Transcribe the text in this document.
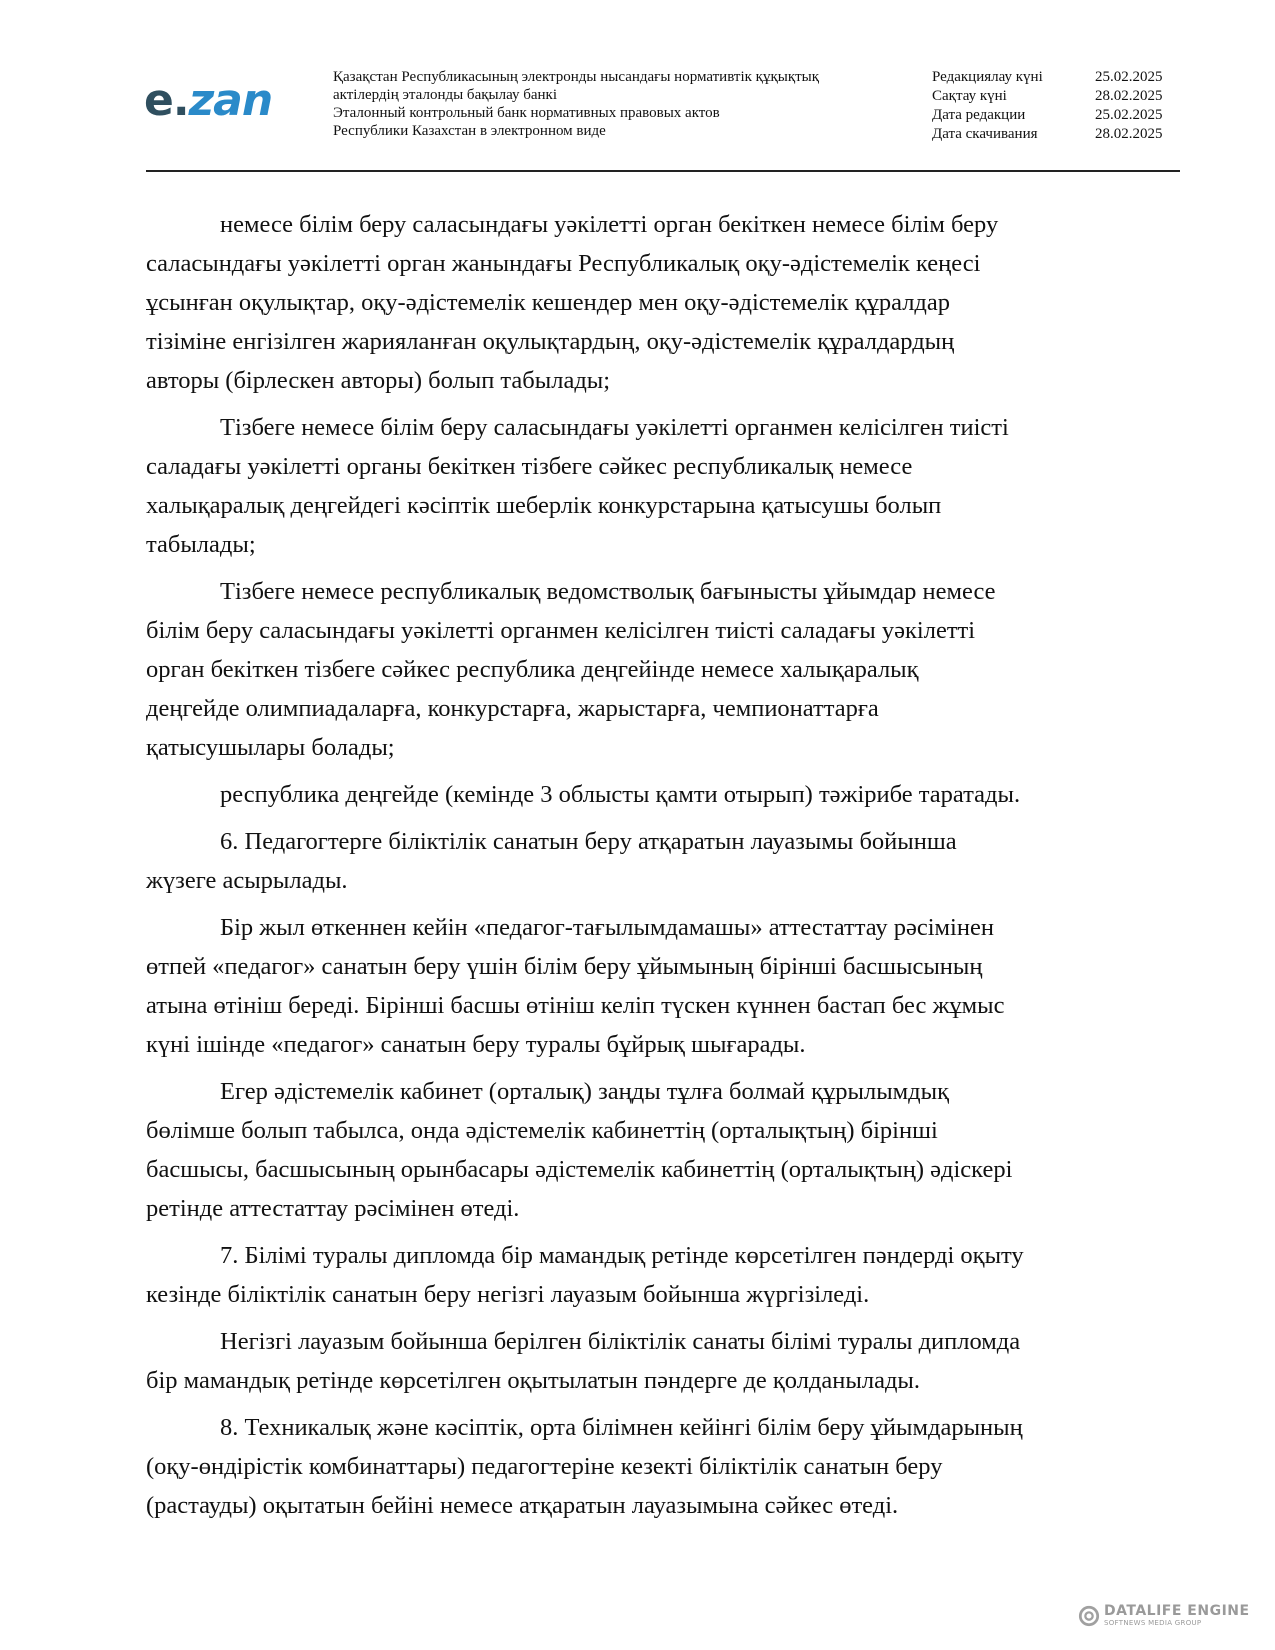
e.zan	Қазақстан Республикасының электронды нысандағы нормативтік құқықтық
актілердің эталонды бақылау банкі
Эталонный контрольный банк нормативных правовых актов
Республики Казахстан в электронном виде
Редакциялау күні	25.02.2025
Сақтау күні	28.02.2025
Дата редакции	25.02.2025
Дата скачивания	28.02.2025

немесе білім беру саласындағы уәкілетті орган бекіткен немесе білім беру
саласындағы уәкілетті орган жанындағы Республикалық оқу-әдістемелік кеңесі
ұсынған оқулықтар, оқу-әдістемелік кешендер мен оқу-әдістемелік құралдар
тізіміне енгізілген жарияланған оқулықтардың, оқу-әдістемелік құралдардың
авторы (бірлескен авторы) болып табылады;

Тізбеге немесе білім беру саласындағы уәкілетті органмен келісілген тиісті
саладағы уәкілетті органы бекіткен тізбеге сәйкес республикалық немесе
халықаралық деңгейдегі кәсіптік шеберлік конкурстарына қатысушы болып
табылады;

Тізбеге немесе республикалық ведомстволық бағынысты ұйымдар немесе
білім беру саласындағы уәкілетті органмен келісілген тиісті саладағы уәкілетті
орган бекіткен тізбеге сәйкес республика деңгейінде немесе халықаралық
деңгейде олимпиадаларға, конкурстарға, жарыстарға, чемпионаттарға
қатысушылары болады;

республика деңгейде (кемінде 3 облысты қамти отырып) тәжірибе таратады.

6. Педагогтерге біліктілік санатын беру атқаратын лауазымы бойынша
жүзеге асырылады.

Бір жыл өткеннен кейін «педагог-тағылымдамашы» аттестаттау рәсімінен
өтпей «педагог» санатын беру үшін білім беру ұйымының бірінші басшысының
атына өтініш береді. Бірінші басшы өтініш келіп түскен күннен бастап бес жұмыс
күні ішінде «педагог» санатын беру туралы бұйрық шығарады.

Егер әдістемелік кабинет (орталық) заңды тұлға болмай құрылымдық
бөлімше болып табылса, онда әдістемелік кабинеттің (орталықтың) бірінші
басшысы, басшысының орынбасары әдістемелік кабинеттің (орталықтың) әдіскері
ретінде аттестаттау рәсімінен өтеді.

7. Білімі туралы дипломда бір мамандық ретінде көрсетілген пәндерді оқыту
кезінде біліктілік санатын беру негізгі лауазым бойынша жүргізіледі.

Негізгі лауазым бойынша берілген біліктілік санаты білімі туралы дипломда
бір мамандық ретінде көрсетілген оқытылатын пәндерге де қолданылады.

8. Техникалық және кәсіптік, орта білімнен кейінгі білім беру ұйымдарының
(оқу-өндірістік комбинаттары) педагогтеріне кезекті біліктілік санатын беру
(растауды) оқытатын бейіні немесе атқаратын лауазымына сәйкес өтеді.

DATALIFE ENGINE
SOFTNEWS MEDIA GROUP
